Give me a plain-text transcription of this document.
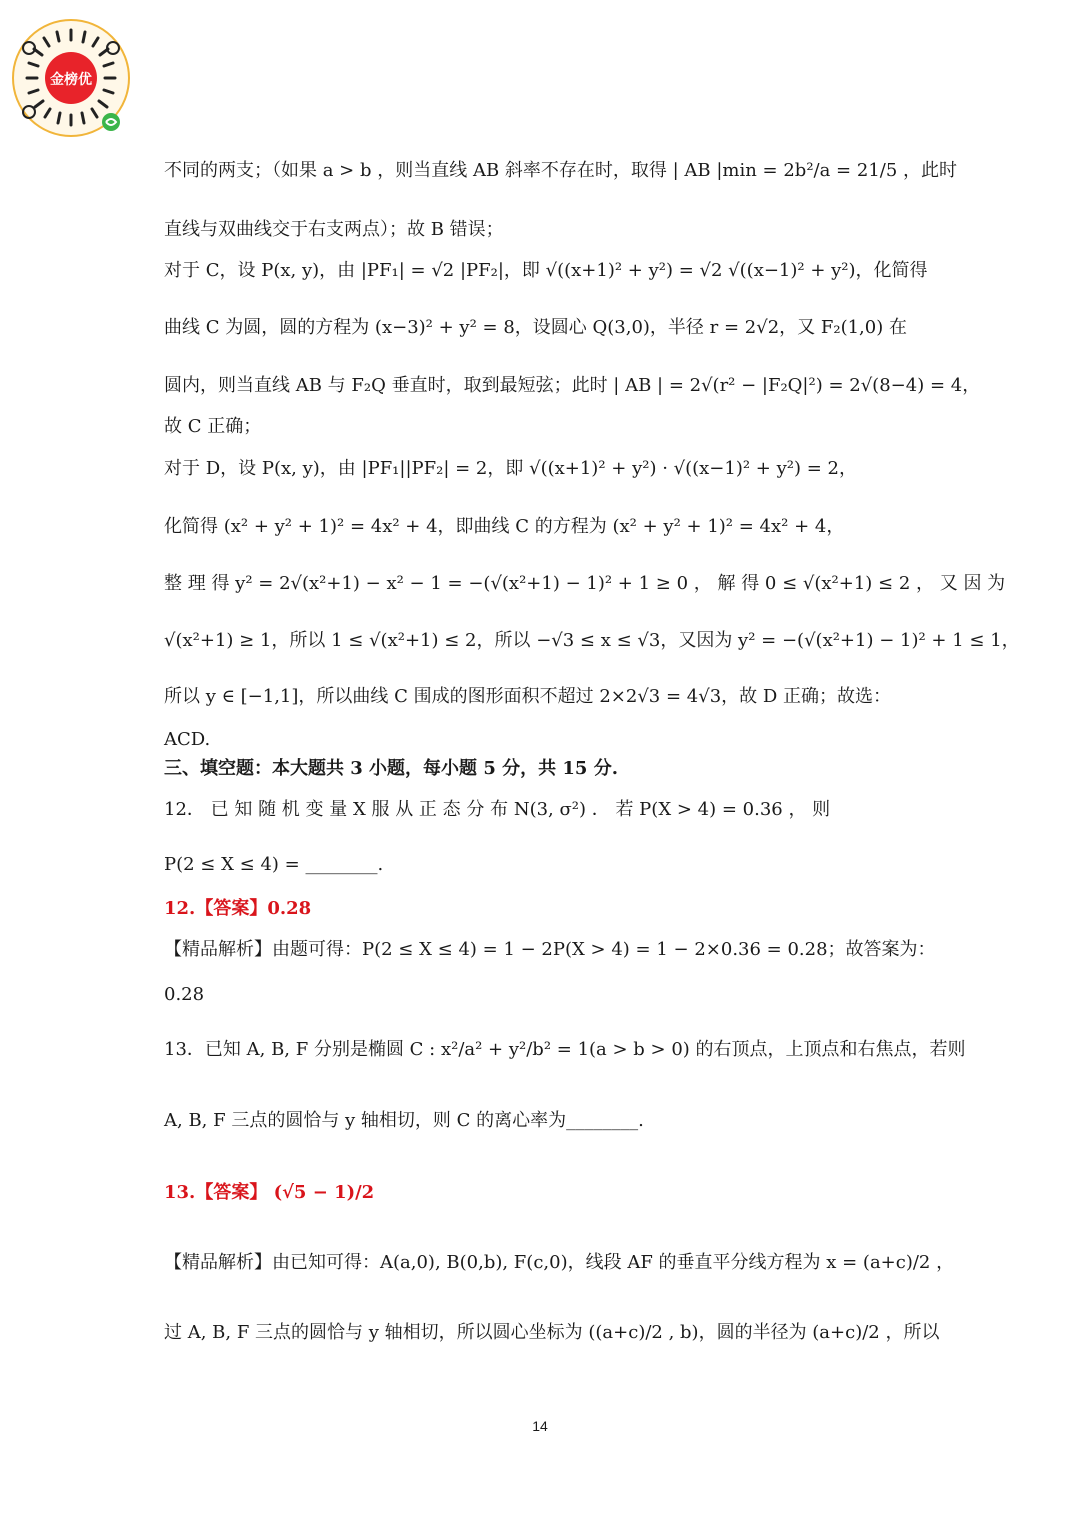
金榜优
不同的两支；（如果 a > b ，则当直线 AB 斜率不存在时，取得 | AB |min = 2b²/a = 21/5 ，此时
直线与双曲线交于右支两点）；故 B 错误；
对于 C，设 P(x, y)，由 |PF₁| = √2 |PF₂|，即 √((x+1)² + y²) = √2 √((x−1)² + y²)，化简得
曲线 C 为圆，圆的方程为 (x−3)² + y² = 8，设圆心 Q(3,0)，半径 r = 2√2，又 F₂(1,0) 在
圆内，则当直线 AB 与 F₂Q 垂直时，取到最短弦；此时 | AB | = 2√(r² − |F₂Q|²) = 2√(8−4) = 4，
故 C 正确；
对于 D，设 P(x, y)，由 |PF₁||PF₂| = 2，即 √((x+1)² + y²) · √((x−1)² + y²) = 2，
化简得 (x² + y² + 1)² = 4x² + 4，即曲线 C 的方程为 (x² + y² + 1)² = 4x² + 4，
整 理 得 y² = 2√(x²+1) − x² − 1 = −(√(x²+1) − 1)² + 1 ≥ 0 ， 解 得 0 ≤ √(x²+1) ≤ 2 ， 又 因 为
√(x²+1) ≥ 1，所以 1 ≤ √(x²+1) ≤ 2，所以 −√3 ≤ x ≤ √3，又因为 y² = −(√(x²+1) − 1)² + 1 ≤ 1，
所以 y ∈ [−1,1]，所以曲线 C 围成的图形面积不超过 2×2√3 = 4√3，故 D 正确；故选：
ACD.
三、填空题：本大题共 3 小题，每小题 5 分，共 15 分.
12． 已 知 随 机 变 量 X 服 从 正 态 分 布 N(3, σ²) ． 若 P(X > 4) = 0.36 ， 则
P(2 ≤ X ≤ 4) = ________.
12.【答案】0.28
【精品解析】由题可得：P(2 ≤ X ≤ 4) = 1 − 2P(X > 4) = 1 − 2×0.36 = 0.28；故答案为：
0.28
13．已知 A, B, F 分别是椭圆 C : x²/a² + y²/b² = 1(a > b > 0) 的右顶点，上顶点和右焦点，若则
A, B, F 三点的圆恰与 y 轴相切，则 C 的离心率为________.
13.【答案】 (√5 − 1)/2
【精品解析】由已知可得：A(a,0), B(0,b), F(c,0)，线段 AF 的垂直平分线方程为 x = (a+c)/2 ，
过 A, B, F 三点的圆恰与 y 轴相切，所以圆心坐标为 ((a+c)/2 , b)，圆的半径为 (a+c)/2 ，所以
14
